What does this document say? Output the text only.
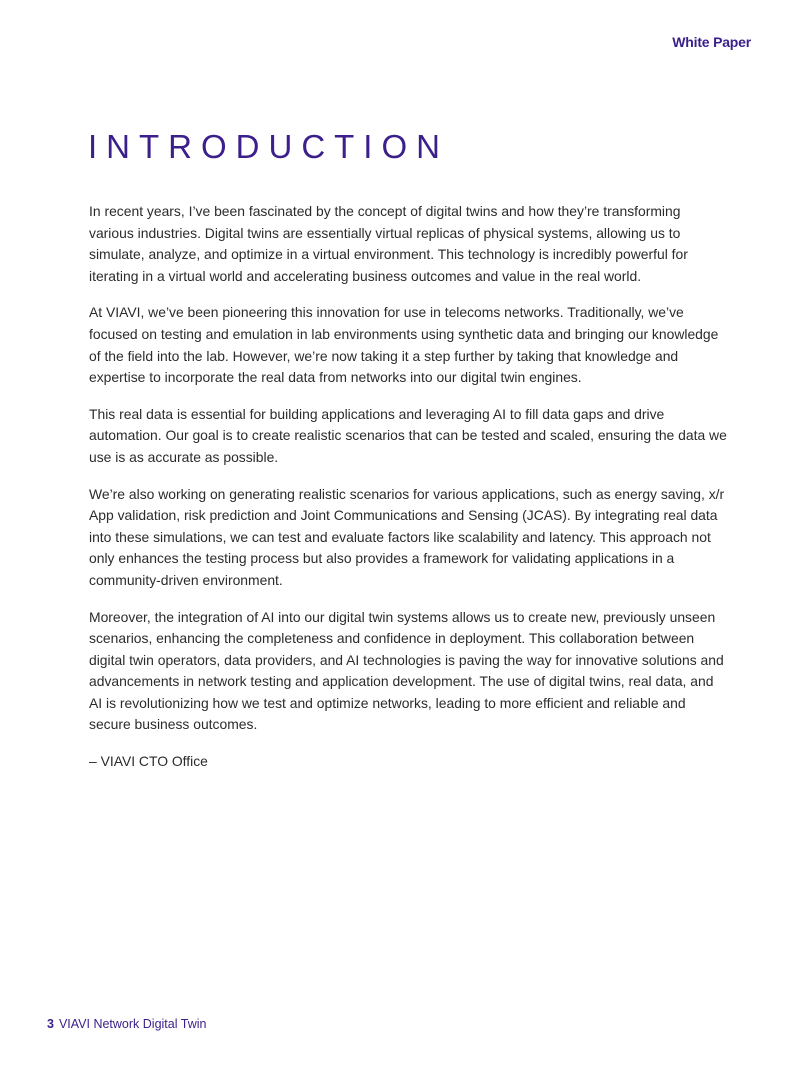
White Paper
INTRODUCTION

In recent years, I’ve been fascinated by the concept of digital twins and how they’re transforming various industries. Digital twins are essentially virtual replicas of physical systems, allowing us to simulate, analyze, and optimize in a virtual environment. This technology is incredibly powerful for iterating in a virtual world and accelerating business outcomes and value in the real world.

At VIAVI, we’ve been pioneering this innovation for use in telecoms networks. Traditionally, we’ve focused on testing and emulation in lab environments using synthetic data and bringing our knowledge of the field into the lab. However, we’re now taking it a step further by taking that knowledge and expertise to incorporate the real data from networks into our digital twin engines.

This real data is essential for building applications and leveraging AI to fill data gaps and drive automation. Our goal is to create realistic scenarios that can be tested and scaled, ensuring the data we use is as accurate as possible.

We’re also working on generating realistic scenarios for various applications, such as energy saving, x/r App validation, risk prediction and Joint Communications and Sensing (JCAS). By integrating real data into these simulations, we can test and evaluate factors like scalability and latency. This approach not only enhances the testing process but also provides a framework for validating applications in a community-driven environment.

Moreover, the integration of AI into our digital twin systems allows us to create new, previously unseen scenarios, enhancing the completeness and confidence in deployment. This collaboration between digital twin operators, data providers, and AI technologies is paving the way for innovative solutions and advancements in network testing and application development. The use of digital twins, real data, and AI is revolutionizing how we test and optimize networks, leading to more efficient and reliable and secure business outcomes.

– VIAVI CTO Office

3 VIAVI Network Digital Twin
